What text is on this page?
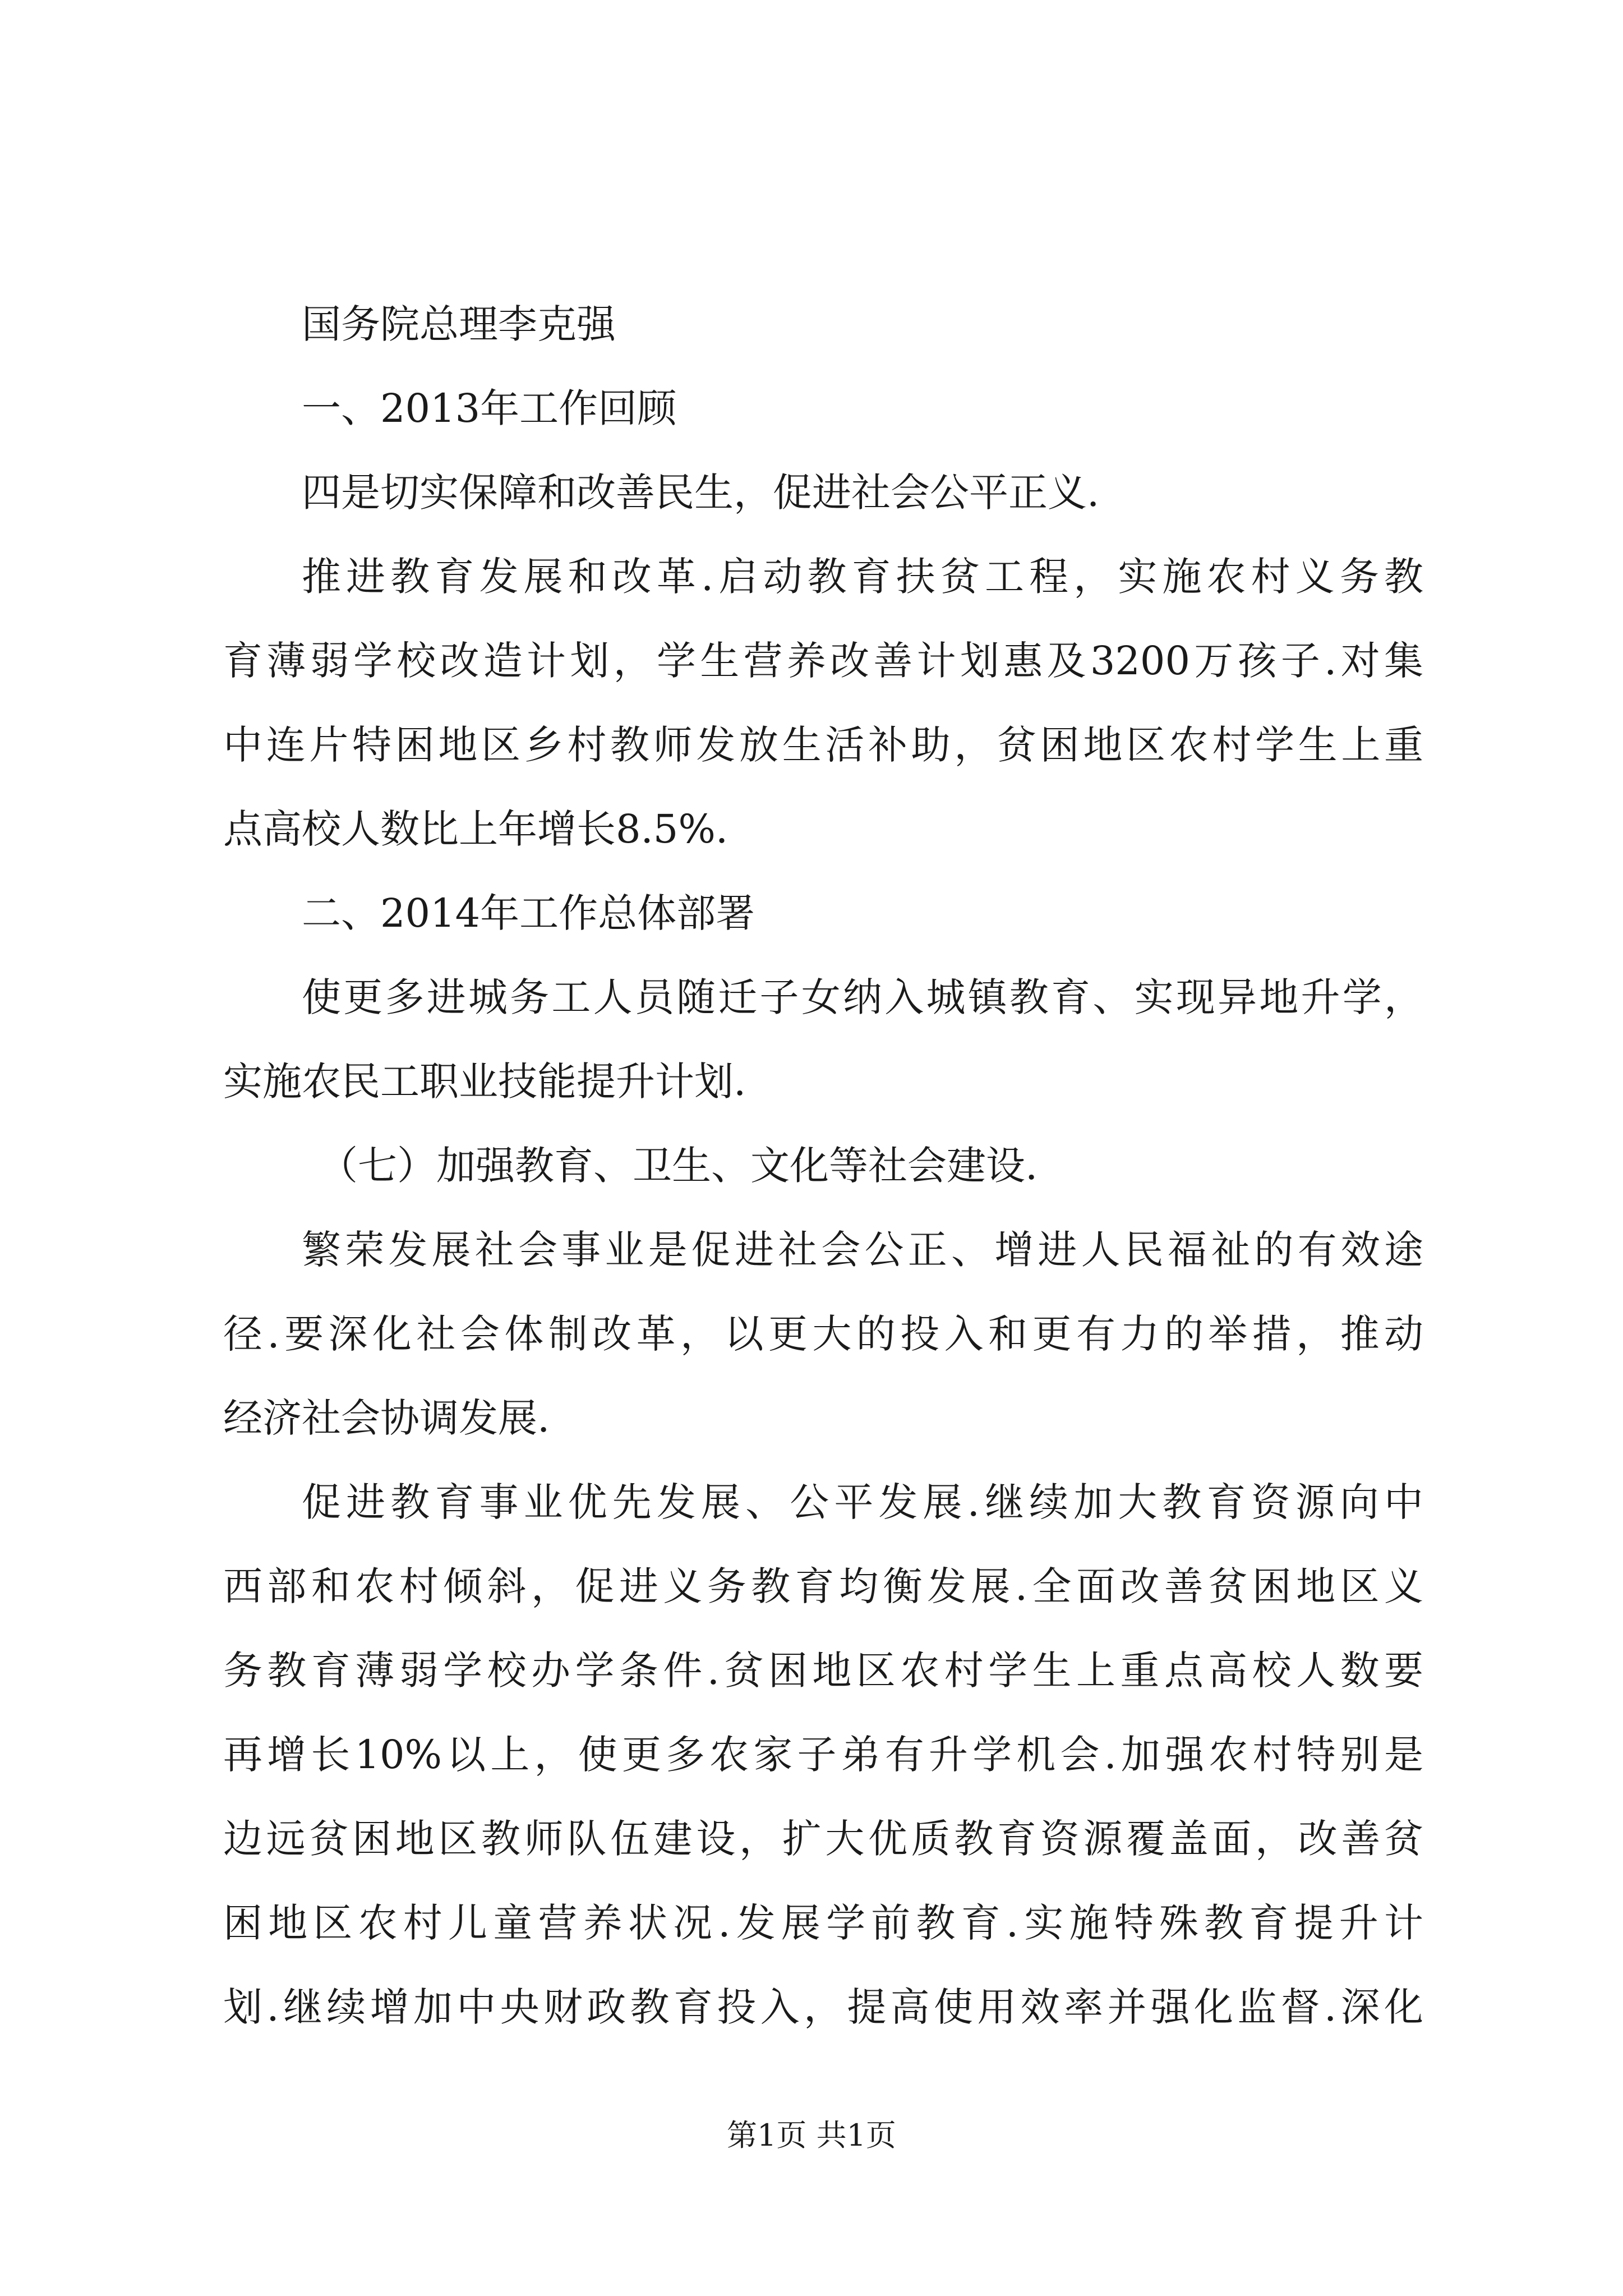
国务院总理李克强
一、2013年工作回顾
四是切实保障和改善民生，促进社会公平正义.
推进教育发展和改革.启动教育扶贫工程，实施农村义务教
育薄弱学校改造计划，学生营养改善计划惠及3200万孩子.对集
中连片特困地区乡村教师发放生活补助，贫困地区农村学生上重
点高校人数比上年增长8.5%.
二、2014年工作总体部署
使更多进城务工人员随迁子女纳入城镇教育、实现异地升学，
实施农民工职业技能提升计划.
（七）加强教育、卫生、文化等社会建设.
繁荣发展社会事业是促进社会公正、增进人民福祉的有效途
径.要深化社会体制改革，以更大的投入和更有力的举措，推动
经济社会协调发展.
促进教育事业优先发展、公平发展.继续加大教育资源向中
西部和农村倾斜，促进义务教育均衡发展.全面改善贫困地区义
务教育薄弱学校办学条件.贫困地区农村学生上重点高校人数要
再增长10%以上，使更多农家子弟有升学机会.加强农村特别是
边远贫困地区教师队伍建设，扩大优质教育资源覆盖面，改善贫
困地区农村儿童营养状况.发展学前教育.实施特殊教育提升计
划.继续增加中央财政教育投入，提高使用效率并强化监督.深化
第1页 共1页
